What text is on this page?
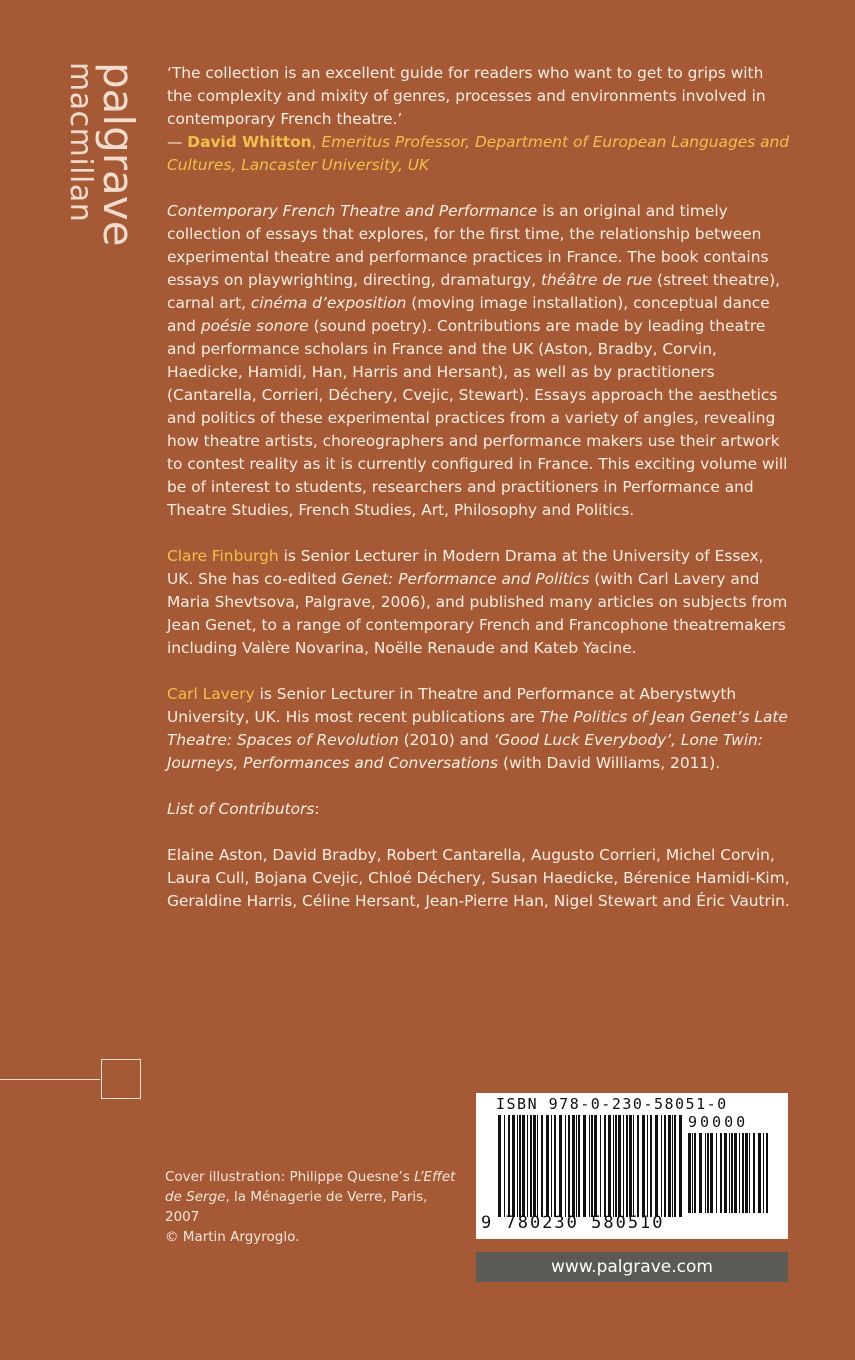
palgrave
macmillan	‘The collection is an excellent guide for readers who want to get to grips with the complexity and mixity of genres, processes and environments involved in contemporary French theatre.’
— David Whitton, Emeritus Professor, Department of European Languages and Cultures, Lancaster University, UK

Contemporary French Theatre and Performance is an original and timely collection of essays that explores, for the first time, the relationship between experimental theatre and performance practices in France. The book contains essays on playwrighting, directing, dramaturgy, théâtre de rue (street theatre), carnal art, cinéma d’exposition (moving image installation), conceptual dance and poésie sonore (sound poetry). Contributions are made by leading theatre and performance scholars in France and the UK (Aston, Bradby, Corvin, Haedicke, Hamidi, Han, Harris and Hersant), as well as by practitioners (Cantarella, Corrieri, Déchery, Cvejic, Stewart). Essays approach the aesthetics and politics of these experimental practices from a variety of angles, revealing how theatre artists, choreographers and performance makers use their artwork to contest reality as it is currently configured in France. This exciting volume will be of interest to students, researchers and practitioners in Performance and Theatre Studies, French Studies, Art, Philosophy and Politics.

Clare Finburgh is Senior Lecturer in Modern Drama at the University of Essex, UK. She has co-edited Genet: Performance and Politics (with Carl Lavery and Maria Shevtsova, Palgrave, 2006), and published many articles on subjects from Jean Genet, to a range of contemporary French and Francophone theatremakers including Valère Novarina, Noëlle Renaude and Kateb Yacine.

Carl Lavery is Senior Lecturer in Theatre and Performance at Aberystwyth University, UK. His most recent publications are The Politics of Jean Genet’s Late Theatre: Spaces of Revolution (2010) and ‘Good Luck Everybody’, Lone Twin: Journeys, Performances and Conversations (with David Williams, 2011).

List of Contributors:

Elaine Aston, David Bradby, Robert Cantarella, Augusto Corrieri, Michel Corvin, Laura Cull, Bojana Cvejic, Chloé Déchery, Susan Haedicke, Bérenice Hamidi-Kim, Geraldine Harris, Céline Hersant, Jean-Pierre Han, Nigel Stewart and Éric Vautrin.

Cover illustration: Philippe Quesne’s L’Effet de Serge, la Ménagerie de Verre, Paris, 2007
© Martin Argyroglo.
ISBN 978-0-230-58051-0
90000
9 780230 580510
www.palgrave.com
